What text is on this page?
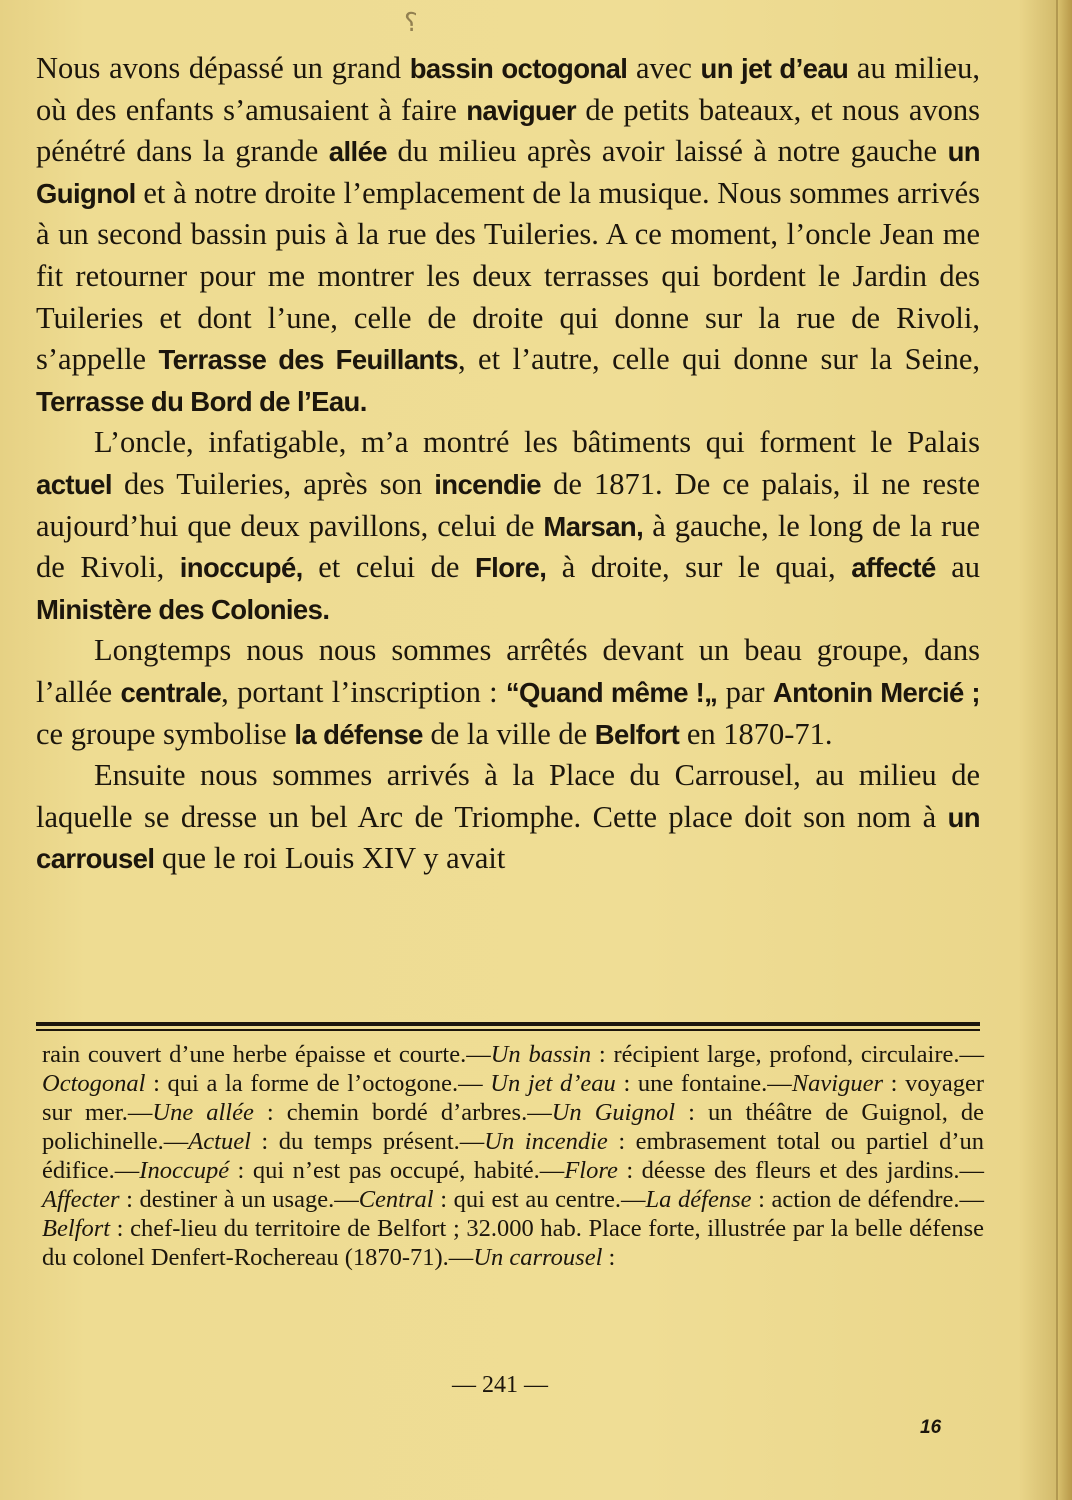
⸮

Nous avons dépassé un grand bassin octogonal avec un jet d’eau au milieu, où des enfants s’amusaient à faire naviguer de petits bateaux, et nous avons pénétré dans la grande allée du milieu après avoir laissé à notre gauche un Guignol et à notre droite l’emplacement de la musique. Nous sommes arrivés à un second bassin puis à la rue des Tuileries. A ce moment, l’oncle Jean me fit retourner pour me montrer les deux terrasses qui bordent le Jardin des Tuileries et dont l’une, celle de droite qui donne sur la rue de Rivoli, s’appelle Terrasse des Feuillants, et l’autre, celle qui donne sur la Seine, Terrasse du Bord de l’Eau.

L’oncle, infatigable, m’a montré les bâtiments qui forment le Palais actuel des Tuileries, après son incendie de 1871. De ce palais, il ne reste aujourd’hui que deux pavillons, celui de Marsan, à gauche, le long de la rue de Rivoli, inoccupé, et celui de Flore, à droite, sur le quai, affecté au Ministère des Colonies.

Longtemps nous nous sommes arrêtés devant un beau groupe, dans l’allée centrale, portant l’inscription : “Quand même !„ par Antonin Mercié ; ce groupe symbolise la défense de la ville de Belfort en 1870-71.

Ensuite nous sommes arrivés à la Place du Carrousel, au milieu de laquelle se dresse un bel Arc de Triomphe. Cette place doit son nom à un carrousel que le roi Louis XIV y avait

rain couvert d’une herbe épaisse et courte.—Un bassin : récipient large, profond, circulaire.— Octogonal : qui a la forme de l’octogone.— Un jet d’eau : une fontaine.—Naviguer : voyager sur mer.—Une allée : chemin bordé d’arbres.—Un Guignol : un théâtre de Guignol, de polichinelle.—Actuel : du temps présent.—Un incendie : embrasement total ou partiel d’un édifice.—Inoccupé : qui n’est pas occupé, habité.—Flore : déesse des fleurs et des jardins.—Affecter : destiner à un usage.—Central : qui est au centre.—La défense : action de défendre.—Belfort : chef-lieu du territoire de Belfort ; 32.000 hab. Place forte, illustrée par la belle défense du colonel Denfert-Rochereau (1870-71).—Un carrousel :
— 241 —
16
